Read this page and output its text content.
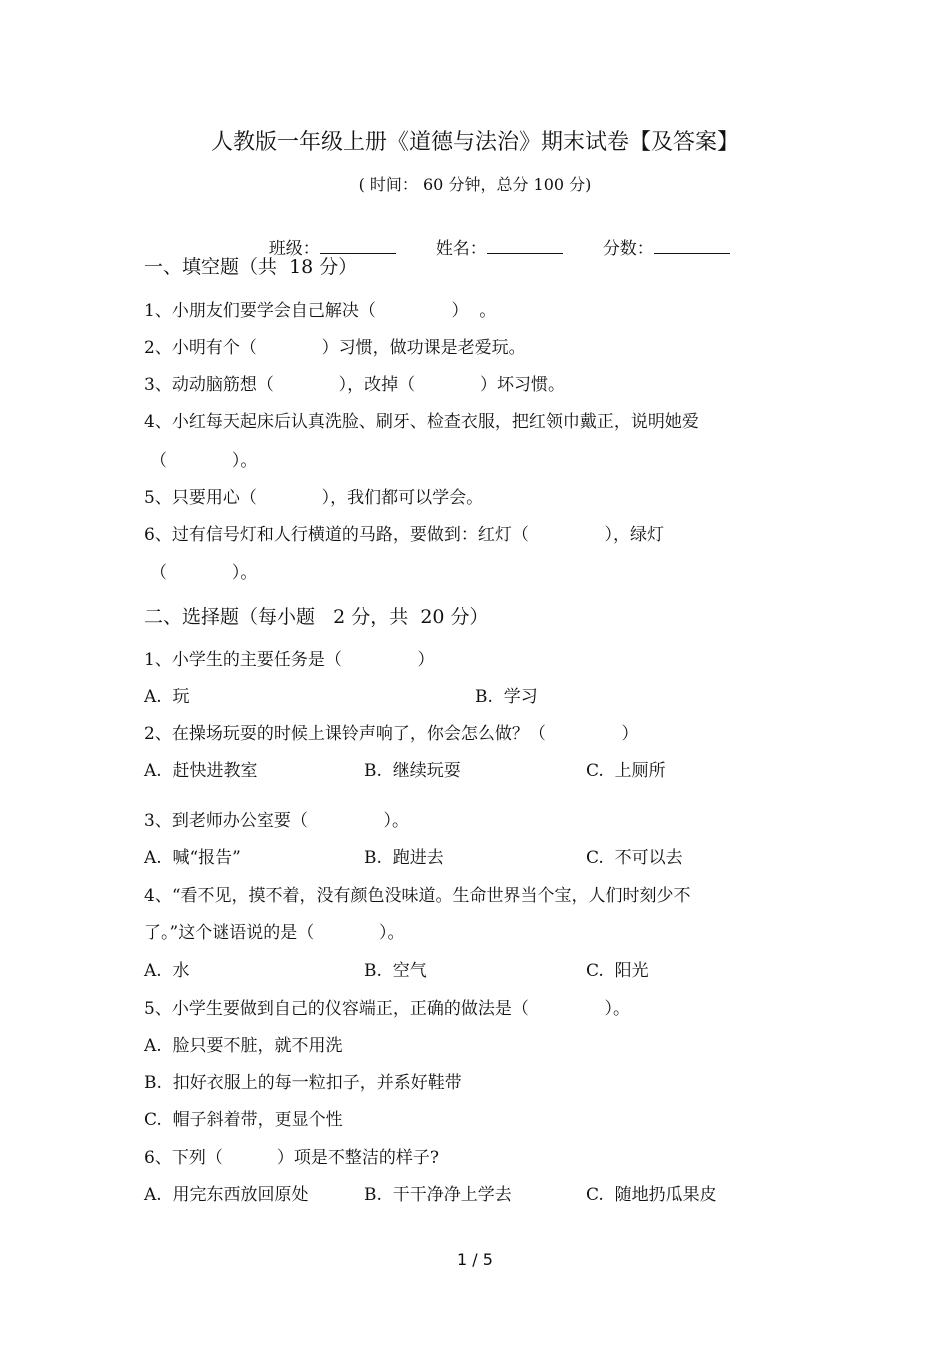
人教版一年级上册《道德与法治》期末试卷【及答案】
( 时间： 60 分钟，总分 100 分)

班级：	姓名：	分数：

一、填空题（共  18 分）
1、小朋友们要学会自己解决（              ）  。
2、小明有个（            ）习惯，做功课是老爱玩。
3、动动脑筋想（            ），改掉（            ）坏习惯。
4、小红每天起床后认真洗脸、刷牙、检查衣服，把红领巾戴正，说明她爱
（            ）。
5、只要用心（            ），我们都可以学会。
6、过有信号灯和人行横道的马路，要做到：红灯（              ），绿灯
（            ）。
二、选择题（每小题   2 分，共  20 分）
1、小学生的主要任务是（              ）
A.  玩	B.  学习
2、在操场玩耍的时候上课铃声响了，你会怎么做？（              ）
A.  赶快进教室	B.  继续玩耍	C.  上厕所
3、到老师办公室要（              ）。
A.  喊“报告”	B.  跑进去	C.  不可以去
4、“看不见，摸不着，没有颜色没味道。生命世界当个宝，人们时刻少不
了。”这个谜语说的是（            ）。
A.  水	B.  空气	C.  阳光
5、小学生要做到自己的仪容端正，正确的做法是（              ）。
A.  脸只要不脏，就不用洗
B.  扣好衣服上的每一粒扣子，并系好鞋带
C.  帽子斜着带，更显个性
6、下列（          ）项是不整洁的样子?
A.  用完东西放回原处	B.  干干净净上学去	C.  随地扔瓜果皮
1 / 5
